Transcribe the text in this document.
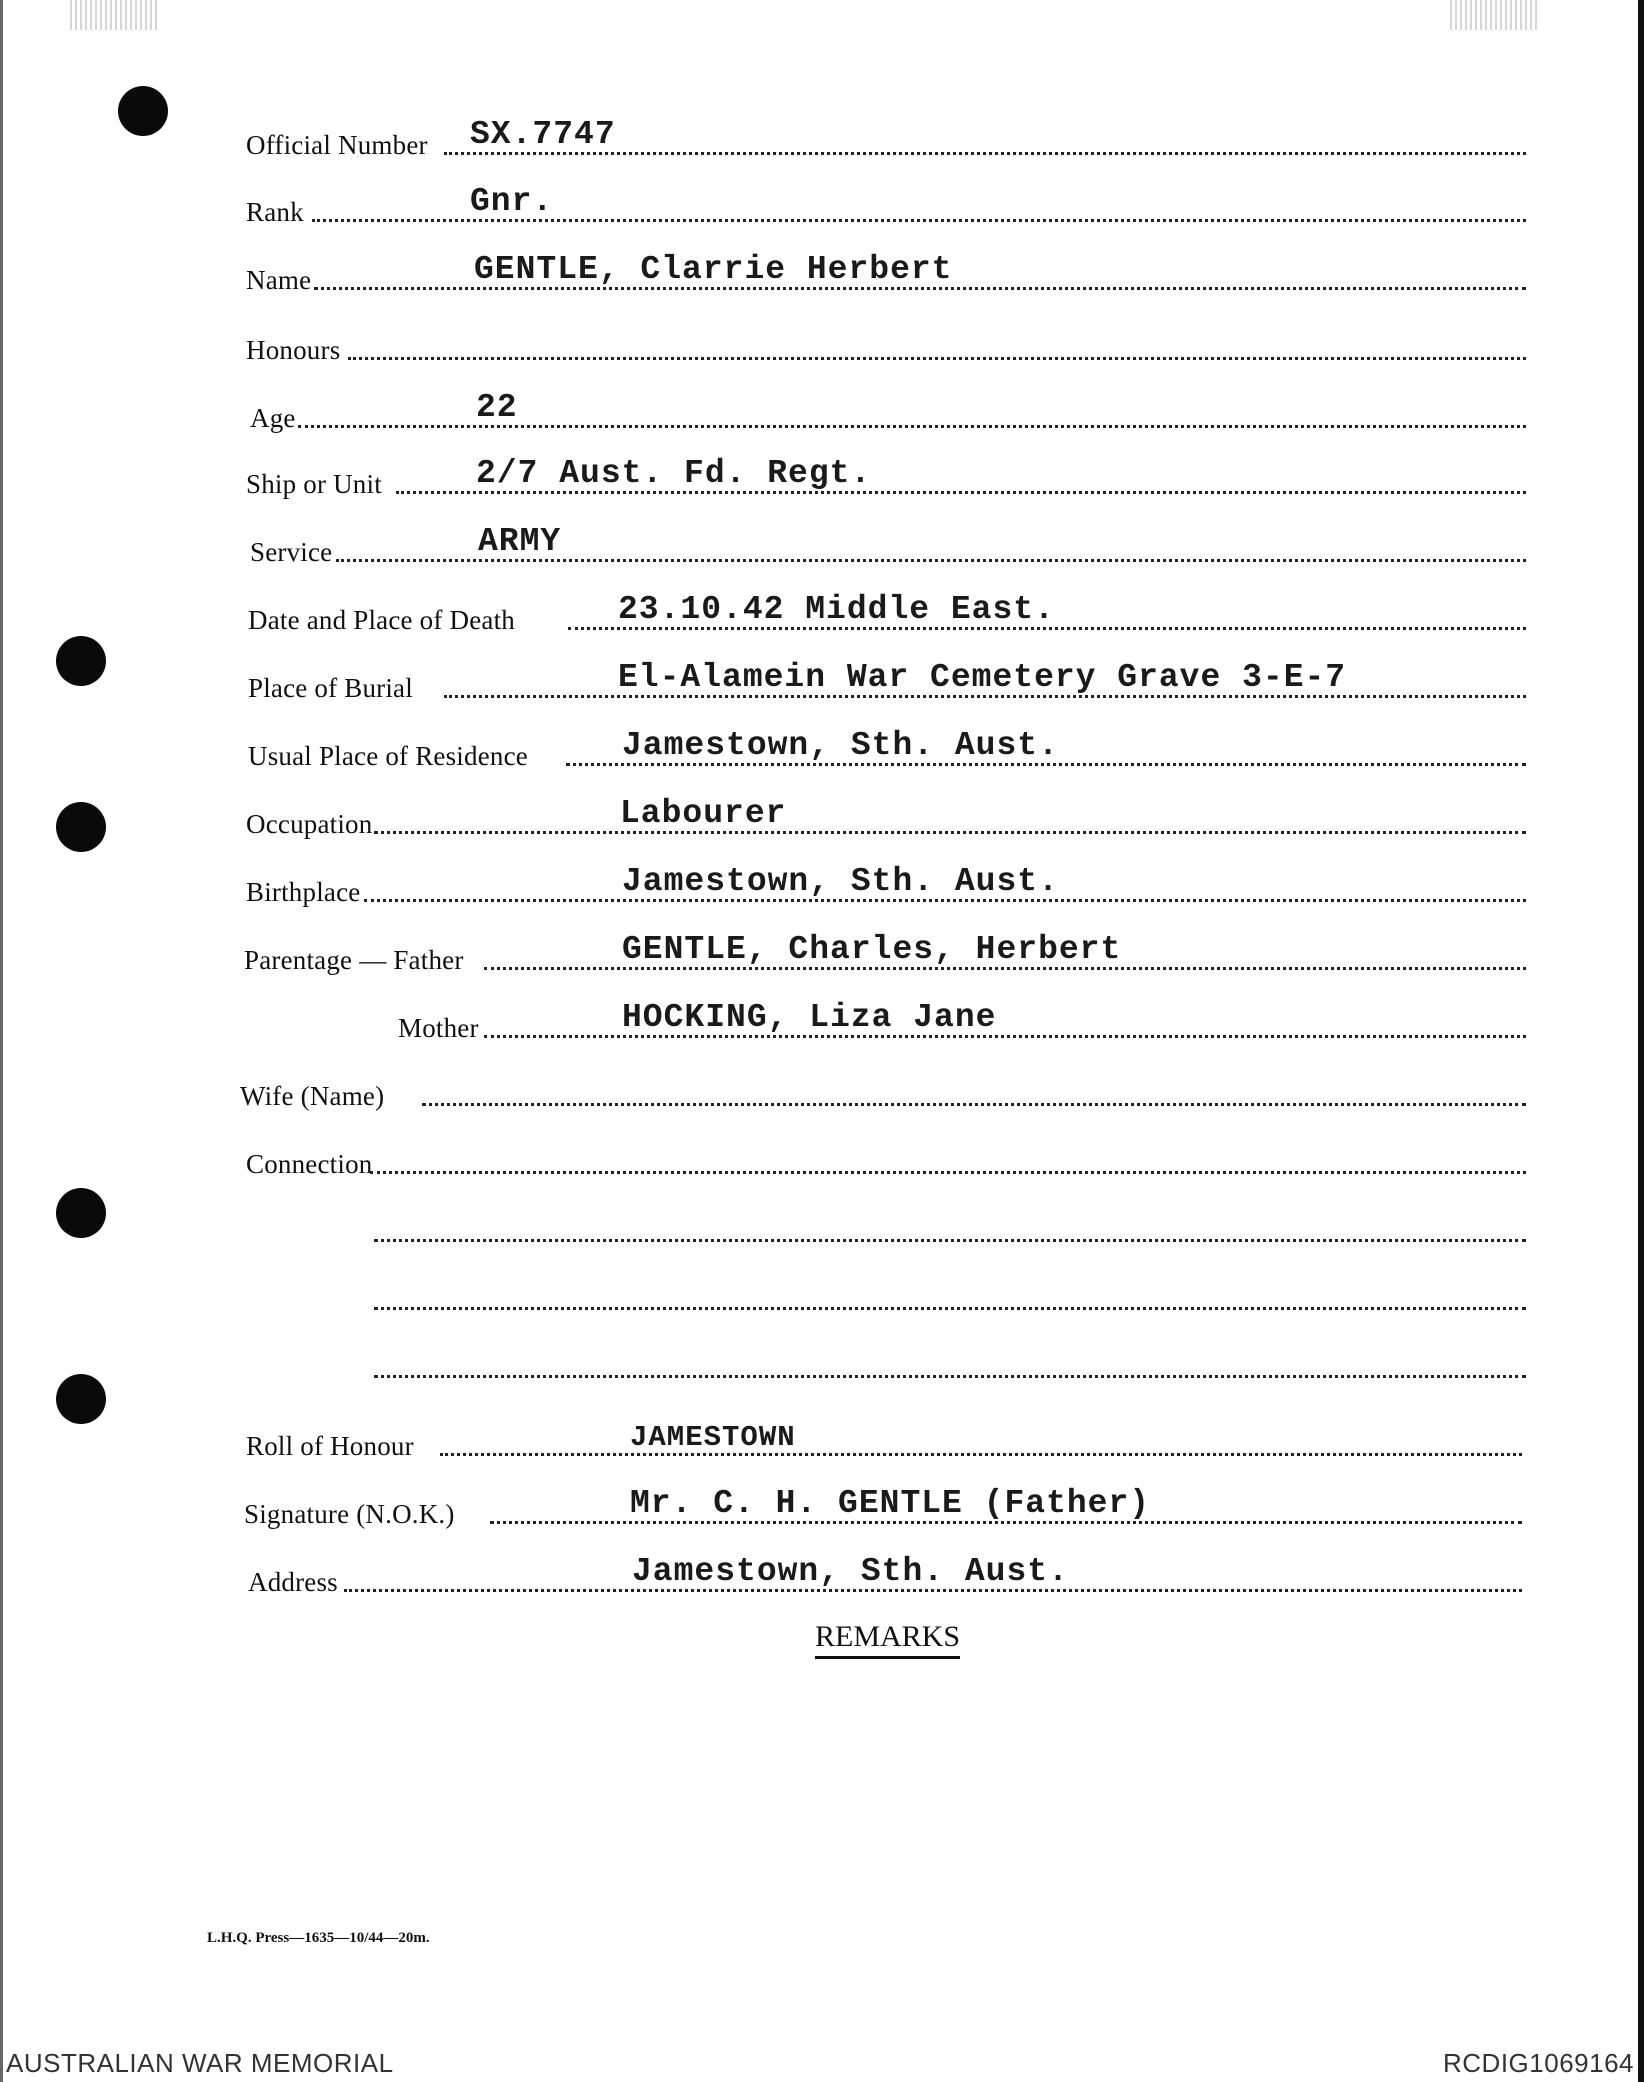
Official Number SX.7747
Rank	Gnr.
Name	GENTLE, Clarrie Herbert
Honours
Age	22
Ship or Unit	2/7 Aust. Fd. Regt.
Service	ARMY
Date and Place of Death	23.10.42 Middle East.
Place of Burial	El-Alamein War Cemetery Grave 3-E-7
Usual Place of Residence	Jamestown, Sth. Aust.
Occupation	Labourer
Birthplace	Jamestown, Sth. Aust.
Parentage — Father	GENTLE, Charles, Herbert
Mother	HOCKING, Liza Jane
Wife (Name)
Connection
Roll of Honour	JAMESTOWN
Signature (N.O.K.)	Mr. C. H. GENTLE (Father)
Address	Jamestown, Sth. Aust.
REMARKS
L.H.Q. Press—1635—10/44—20m.
AUSTRALIAN WAR MEMORIAL	RCDIG1069164
